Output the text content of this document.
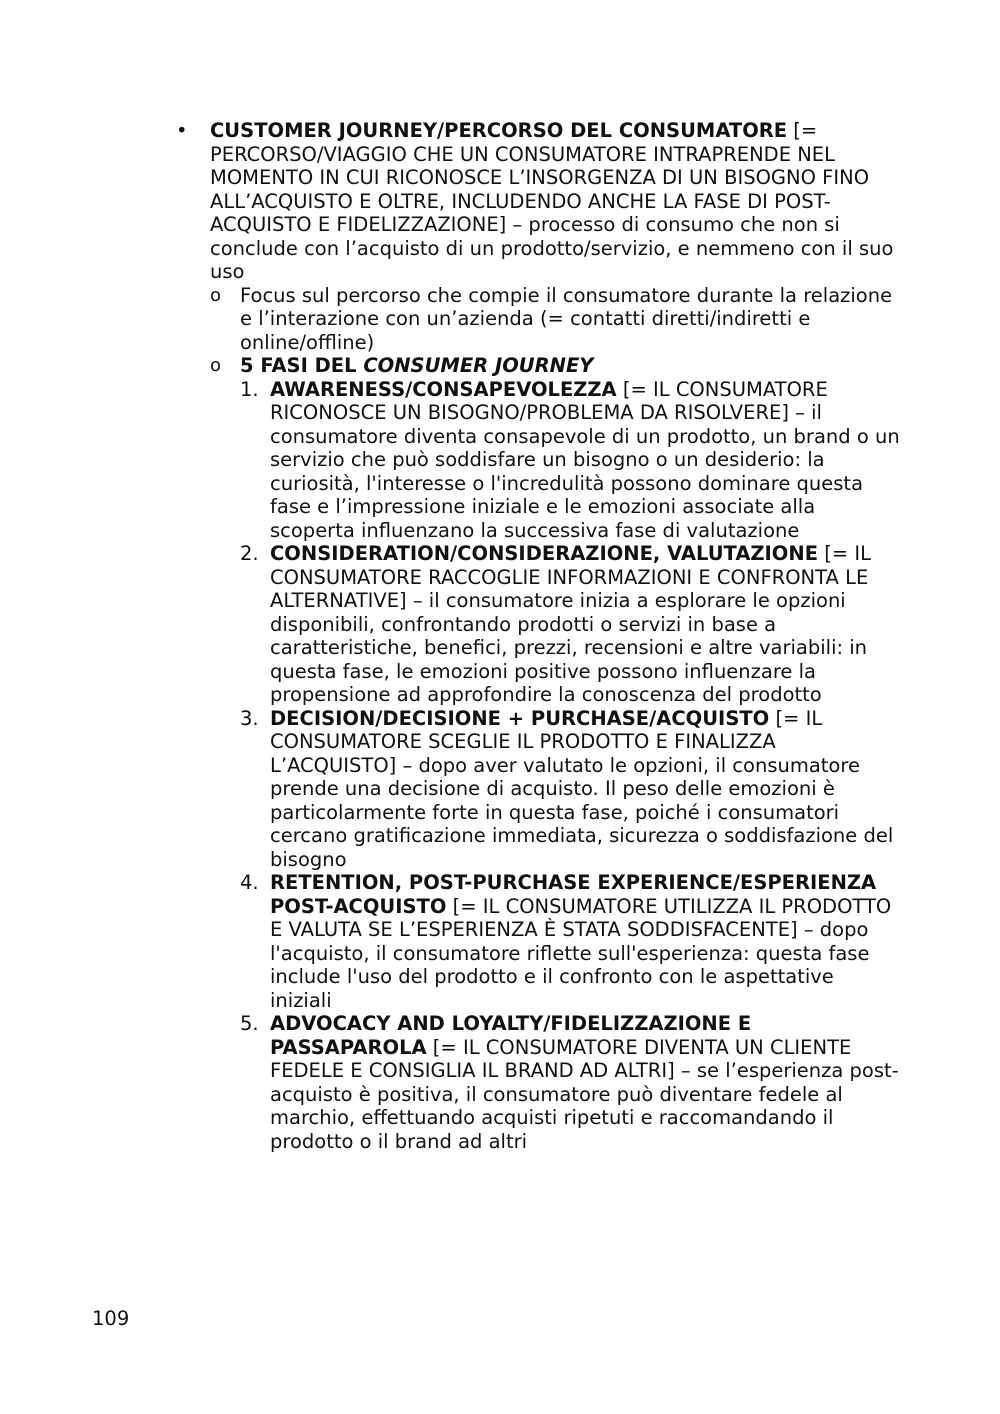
• CUSTOMER JOURNEY/PERCORSO DEL CONSUMATORE [= PERCORSO/VIAGGIO CHE UN CONSUMATORE INTRAPRENDE NEL MOMENTO IN CUI RICONOSCE L’INSORGENZA DI UN BISOGNO FINO ALL’ACQUISTO E OLTRE, INCLUDENDO ANCHE LA FASE DI POST-ACQUISTO E FIDELIZZAZIONE] – processo di consumo che non si conclude con l’acquisto di un prodotto/servizio, e nemmeno con il suo uso
o Focus sul percorso che compie il consumatore durante la relazione e l’interazione con un’azienda (= contatti diretti/indiretti e online/offline)
o 5 FASI DEL CONSUMER JOURNEY
1. AWARENESS/CONSAPEVOLEZZA [= IL CONSUMATORE RICONOSCE UN BISOGNO/PROBLEMA DA RISOLVERE] – il consumatore diventa consapevole di un prodotto, un brand o un servizio che può soddisfare un bisogno o un desiderio: la curiosità, l'interesse o l'incredulità possono dominare questa fase e l’impressione iniziale e le emozioni associate alla scoperta influenzano la successiva fase di valutazione
2. CONSIDERATION/CONSIDERAZIONE, VALUTAZIONE [= IL CONSUMATORE RACCOGLIE INFORMAZIONI E CONFRONTA LE ALTERNATIVE] – il consumatore inizia a esplorare le opzioni disponibili, confrontando prodotti o servizi in base a caratteristiche, benefici, prezzi, recensioni e altre variabili: in questa fase, le emozioni positive possono influenzare la propensione ad approfondire la conoscenza del prodotto
3. DECISION/DECISIONE + PURCHASE/ACQUISTO [= IL CONSUMATORE SCEGLIE IL PRODOTTO E FINALIZZA L’ACQUISTO] – dopo aver valutato le opzioni, il consumatore prende una decisione di acquisto. Il peso delle emozioni è particolarmente forte in questa fase, poiché i consumatori cercano gratificazione immediata, sicurezza o soddisfazione del bisogno
4. RETENTION, POST-PURCHASE EXPERIENCE/ESPERIENZA POST-ACQUISTO [= IL CONSUMATORE UTILIZZA IL PRODOTTO E VALUTA SE L’ESPERIENZA È STATA SODDISFACENTE] – dopo l'acquisto, il consumatore riflette sull'esperienza: questa fase include l'uso del prodotto e il confronto con le aspettative iniziali
5. ADVOCACY AND LOYALTY/FIDELIZZAZIONE E PASSAPAROLA [= IL CONSUMATORE DIVENTA UN CLIENTE FEDELE E CONSIGLIA IL BRAND AD ALTRI] – se l’esperienza post-acquisto è positiva, il consumatore può diventare fedele al marchio, effettuando acquisti ripetuti e raccomandando il prodotto o il brand ad altri
109
